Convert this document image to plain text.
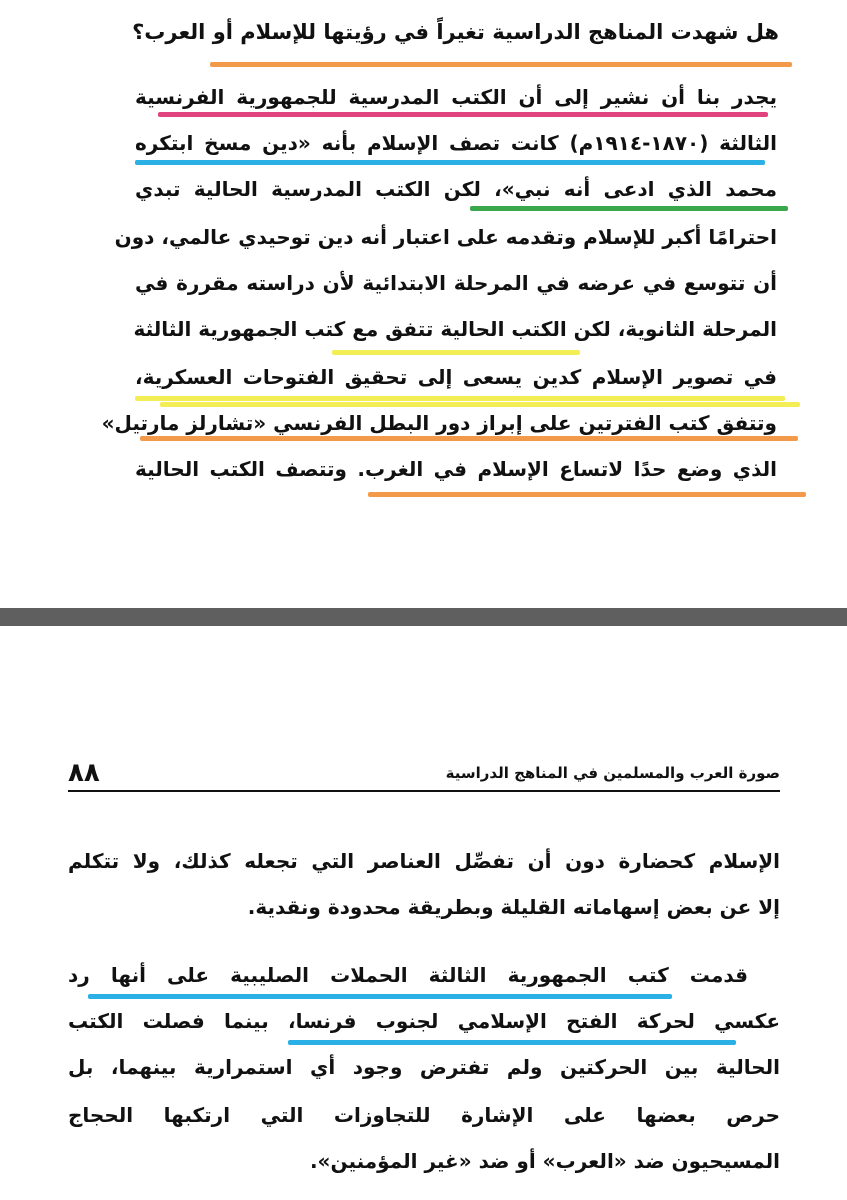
هل شهدت المناهج الدراسية تغيراً في رؤيتها للإسلام أو العرب؟
يجدر بنا أن نشير إلى أن الكتب المدرسية للجمهورية الفرنسية
الثالثة (١٨٧٠-١٩١٤م) كانت تصف الإسلام بأنه «دين مسخ ابتكره
محمد الذي ادعى أنه نبي»، لكن الكتب المدرسية الحالية تبدي
احترامًا أكبر للإسلام وتقدمه على اعتبار أنه دين توحيدي عالمي، دون
أن تتوسع في عرضه في المرحلة الابتدائية لأن دراسته مقررة في
المرحلة الثانوية، لكن الكتب الحالية تتفق مع كتب الجمهورية الثالثة
في تصوير الإسلام كدين يسعى إلى تحقيق الفتوحات العسكرية،
وتتفق كتب الفترتين على إبراز دور البطل الفرنسي «تشارلز مارتيل»
الذي وضع حدًا لاتساع الإسلام في الغرب. وتتصف الكتب الحالية
صورة العرب والمسلمين في المناهج الدراسية
٨٨
الإسلام كحضارة دون أن تفصِّل العناصر التي تجعله كذلك، ولا تتكلم
إلا عن بعض إسهاماته القليلة وبطريقة محدودة ونقدية.
قدمت كتب الجمهورية الثالثة الحملات الصليبية على أنها رد
عكسي لحركة الفتح الإسلامي لجنوب فرنسا، بينما فصلت الكتب
الحالية بين الحركتين ولم تفترض وجود أي استمرارية بينهما، بل
حرص بعضها على الإشارة للتجاوزات التي ارتكبها الحجاج
المسيحيون ضد «العرب» أو ضد «غير المؤمنين».
